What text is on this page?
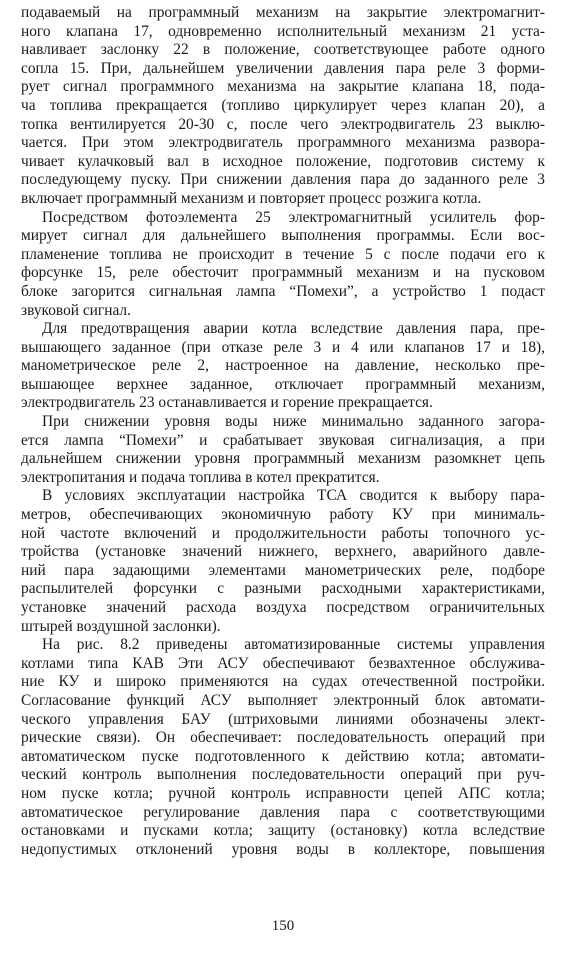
подаваемый на программный механизм на закрытие электромагнит-
ного клапана 17, одновременно исполнительный механизм 21 уста-
навливает заслонку 22 в положение, соответствующее работе одного
сопла 15. При, дальнейшем увеличении давления пара реле 3 форми-
рует сигнал программного механизма на закрытие клапана 18, пода-
ча топлива прекращается (топливо циркулирует через клапан 20), а
топка вентилируется 20-30 с, после чего электродвигатель 23 выклю-
чается. При этом электродвигатель программного механизма развора-
чивает кулачковый вал в исходное положение, подготовив систему к
последующему пуску. При снижении давления пара до заданного реле 3
включает программный механизм и повторяет процесс розжига котла.
Посредством фотоэлемента 25 электромагнитный усилитель фор-
мирует сигнал для дальнейшего выполнения программы. Если вос-
пламенение топлива не происходит в течение 5 с после подачи его к
форсунке 15, реле обесточит программный механизм и на пусковом
блоке загорится сигнальная лампа “Помехи”, а устройство 1 подаст
звуковой сигнал.
Для предотвращения аварии котла вследствие давления пара, пре-
вышающего заданное (при отказе реле 3 и 4 или клапанов 17 и 18),
манометрическое реле 2, настроенное на давление, несколько пре-
вышающее верхнее заданное, отключает программный механизм,
электродвигатель 23 останавливается и горение прекращается.
При снижении уровня воды ниже минимально заданного загора-
ется лампа “Помехи” и срабатывает звуковая сигнализация, а при
дальнейшем снижении уровня программный механизм разомкнет цепь
электропитания и подача топлива в котел прекратится.
В условиях эксплуатации настройка ТСА сводится к выбору пара-
метров, обеспечивающих экономичную работу КУ при минималь-
ной частоте включений и продолжительности работы топочного ус-
тройства (установке значений нижнего, верхнего, аварийного давле-
ний пара задающими элементами манометрических реле, подборе
распылителей форсунки с разными расходными характеристиками,
установке значений расхода воздуха посредством ограничительных
штырей воздушной заслонки).
На рис. 8.2 приведены автоматизированные системы управления
котлами типа КАВ Эти АСУ обеспечивают безвахтенное обслужива-
ние КУ и широко применяются на судах отечественной постройки.
Согласование функций АСУ выполняет электронный блок автомати-
ческого управления БАУ (штриховыми линиями обозначены элект-
рические связи). Он обеспечивает: последовательность операций при
автоматическом пуске подготовленного к действию котла; автомати-
ческий контроль выполнения последовательности операций при руч-
ном пуске котла; ручной контроль исправности цепей АПС котла;
автоматическое регулирование давления пара с соответствующими
остановками и пусками котла; защиту (остановку) котла вследствие
недопустимых отклонений уровня воды в коллекторе, повышения
150
